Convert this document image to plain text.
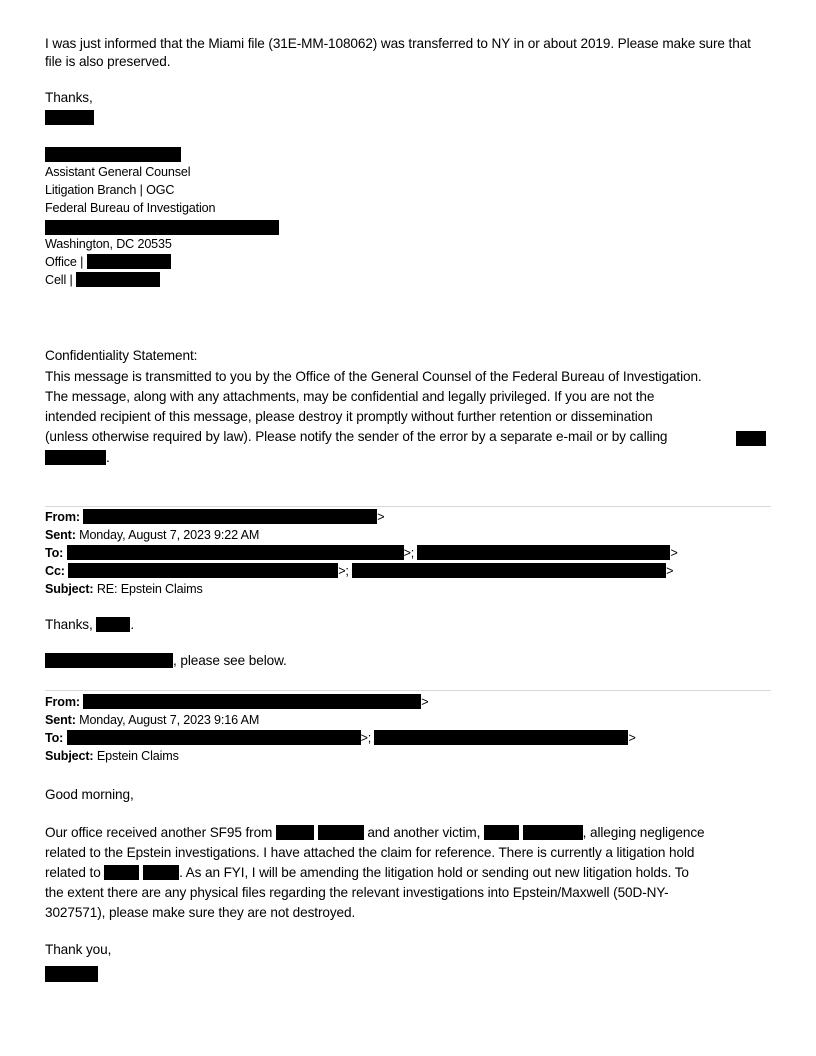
I was just informed that the Miami file (31E-MM-108062) was transferred to NY in or about 2019. Please make sure that
file is also preserved.
Thanks,
Assistant General Counsel
Litigation Branch | OGC
Federal Bureau of Investigation
Washington, DC 20535
Office |
Cell |
Confidentiality Statement:
This message is transmitted to you by the Office of the General Counsel of the Federal Bureau of Investigation.
The message, along with any attachments, may be confidential and legally privileged. If you are not the
intended recipient of this message, please destroy it promptly without further retention or dissemination
(unless otherwise required by law). Please notify the sender of the error by a separate e-mail or by calling
.
From:	>
Sent: Monday, August 7, 2023 9:22 AM
To:	>;	>
Cc:	>;	>
Subject: RE: Epstein Claims
Thanks,	.
, please see below.
From:	>
Sent: Monday, August 7, 2023 9:16 AM
To:	>;	>
Subject: Epstein Claims
Good morning,
Our office received another SF95 from	and another victim,	, alleging negligence
related to the Epstein investigations. I have attached the claim for reference. There is currently a litigation hold
related to	. As an FYI, I will be amending the litigation hold or sending out new litigation holds. To
the extent there are any physical files regarding the relevant investigations into Epstein/Maxwell (50D-NY-
3027571), please make sure they are not destroyed.
Thank you,
